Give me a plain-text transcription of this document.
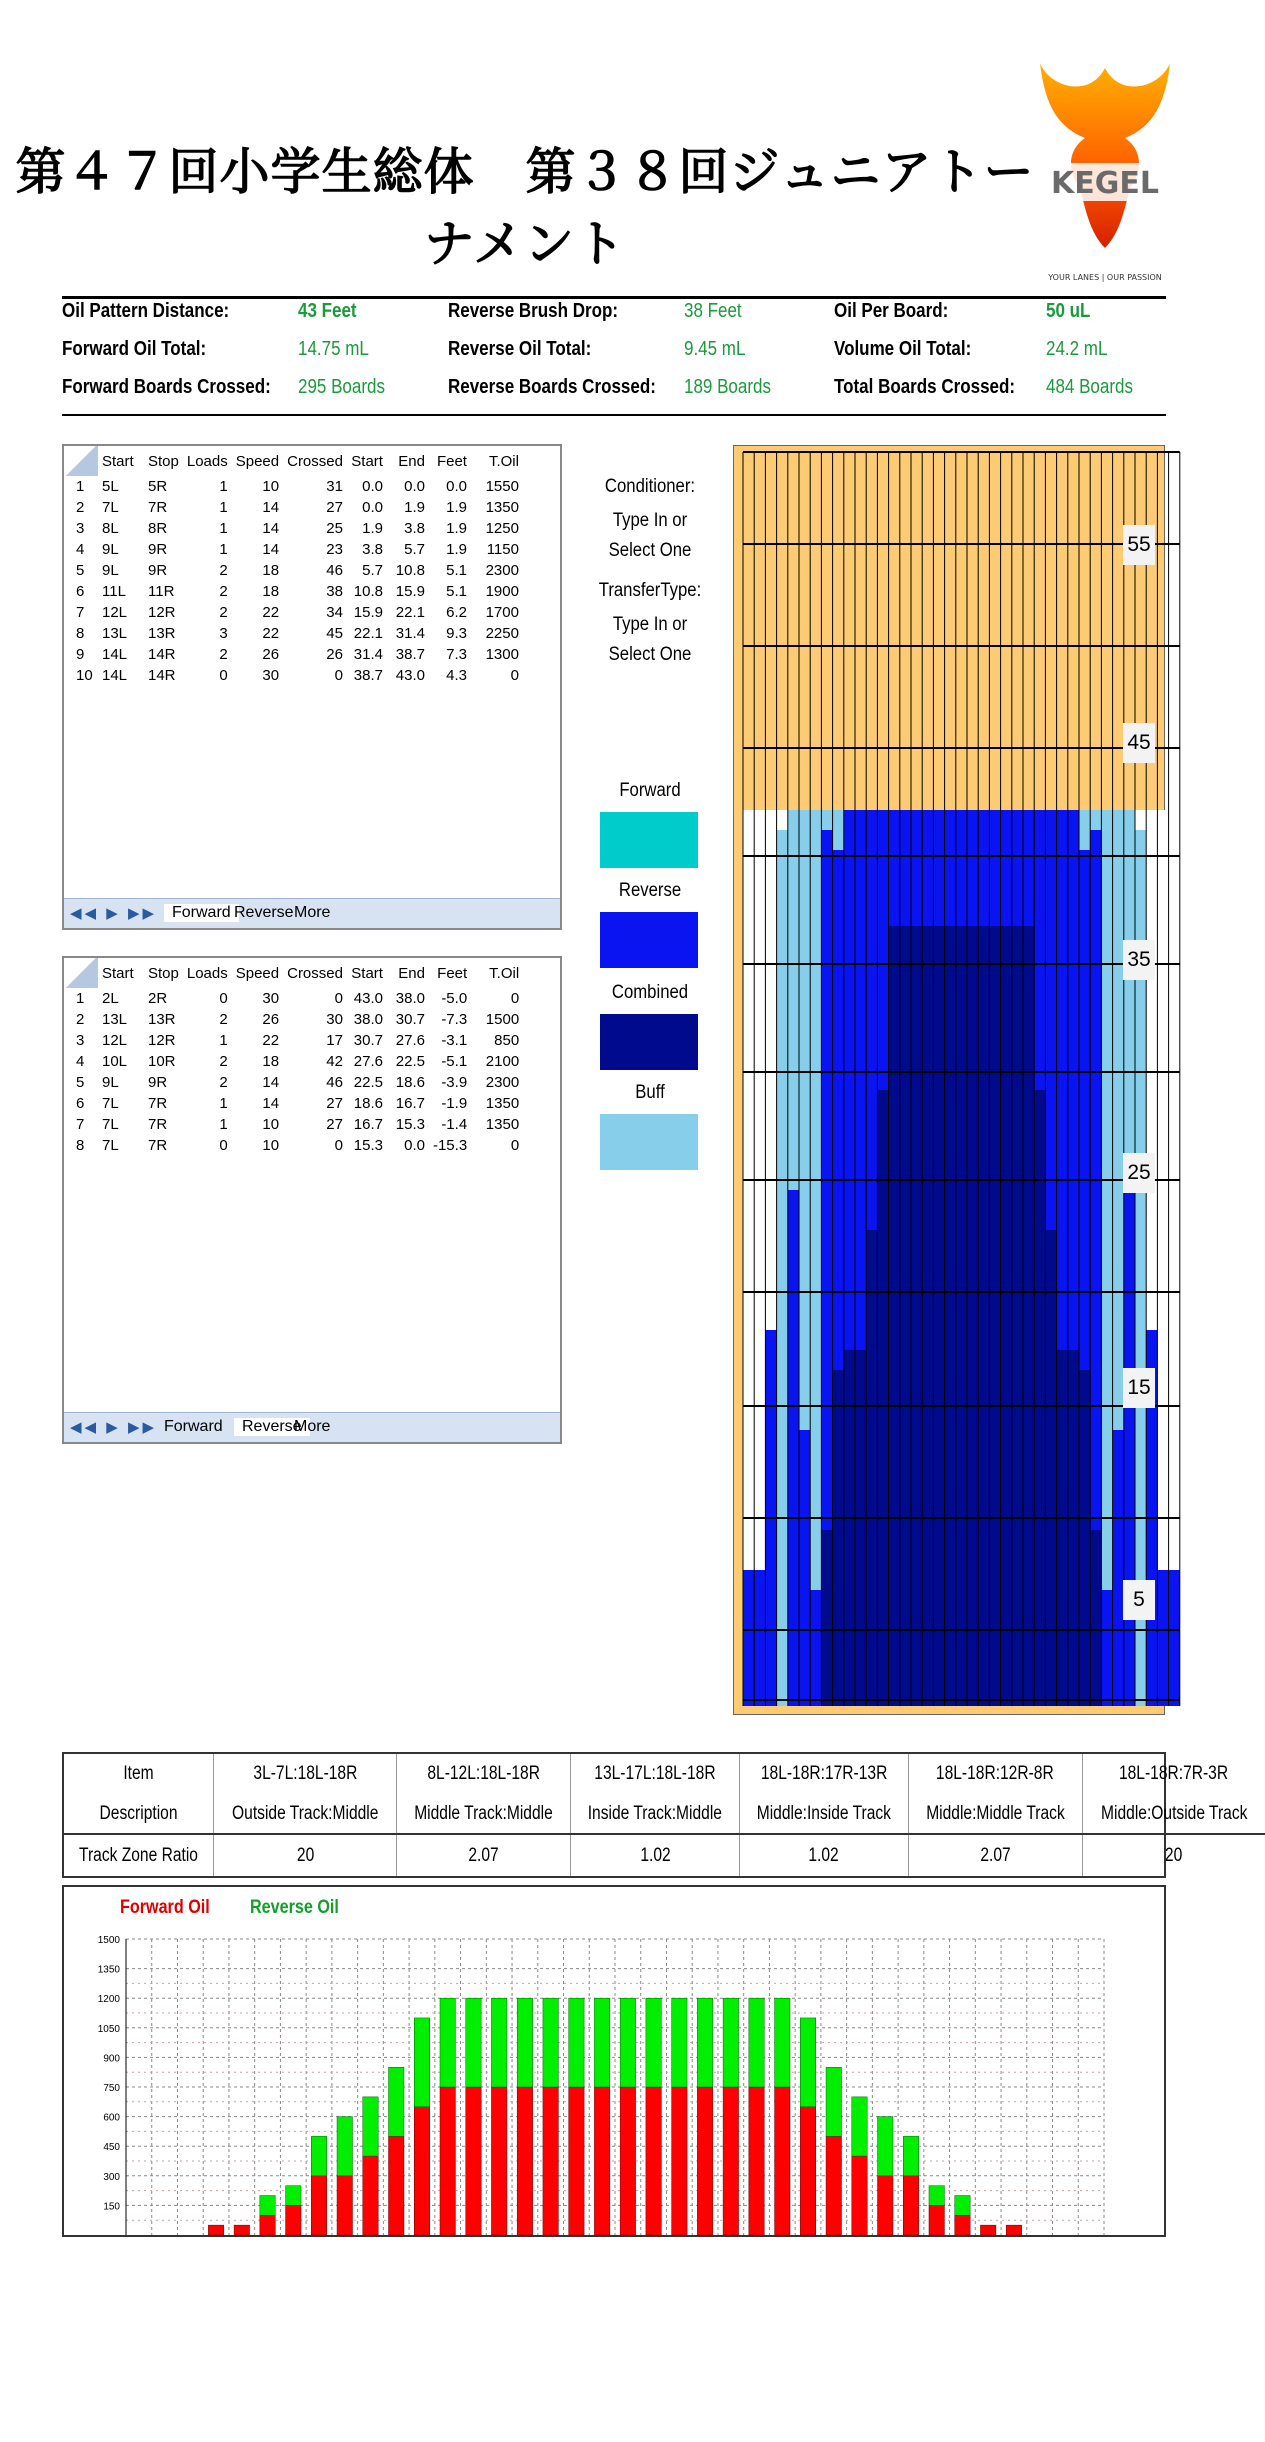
第４７回小学生総体　第３８回ジュニアトーナメント
KEGEL
YOUR LANES | OUR PASSION
Oil Pattern Distance:	43 Feet	Reverse Brush Drop:	38 Feet	Oil Per Board:	50 uL
Forward Oil Total:	14.75 mL	Reverse Oil Total:	9.45 mL	Volume Oil Total:	24.2 mL
Forward Boards Crossed: 295 Boards	Reverse Boards Crossed: 189 Boards	Total Boards Crossed: 484 Boards
	Start	Stop	Loads	Speed	Crossed	Start	End	Feet	T.Oil
1	5L	5R	1	10	31	0.0	0.0	0.0	1550
2	7L	7R	1	14	27	0.0	1.9	1.9	1350
3	8L	8R	1	14	25	1.9	3.8	1.9	1250
4	9L	9R	1	14	23	3.8	5.7	1.9	1150
5	9L	9R	2	18	46	5.7	10.8	5.1	2300
6	11L	11R	2	18	38	10.8	15.9	5.1	1900
7	12L	12R	2	22	34	15.9	22.1	6.2	1700
8	13L	13R	3	22	45	22.1	31.4	9.3	2250
9	14L	14R	2	26	26	31.4	38.7	7.3	1300
10	14L	14R	0	30	0	38.7	43.0	4.3	0
◀◀ ▶ ▶▶ Forward Reverse More
	Start	Stop	Loads	Speed	Crossed	Start	End	Feet	T.Oil
1	2L	2R	0	30	0	43.0	38.0	-5.0	0
2	13L	13R	2	26	30	38.0	30.7	-7.3	1500
3	12L	12R	1	22	17	30.7	27.6	-3.1	850
4	10L	10R	2	18	42	27.6	22.5	-5.1	2100
5	9L	9R	2	14	46	22.5	18.6	-3.9	2300
6	7L	7R	1	14	27	18.6	16.7	-1.9	1350
7	7L	7R	1	10	27	16.7	15.3	-1.4	1350
8	7L	7R	0	10	0	15.3	0.0	-15.3	0
◀◀ ▶ ▶▶ Forward	Reverse
More
Conditioner:
Type In or Select One
TransferType:
Type In or Select One
Forward
Reverse
Combined
Buff
55
45
35
25
15
5
Item	3L-7L:18L-18R	8L-12L:18L-18R	13L-17L:18L-18R	18L-18R:17R-13R	18L-18R:12R-8R	18L-18R:7R-3R
Description	Outside Track:Middle	Middle Track:Middle	Inside Track:Middle	Middle:Inside Track	Middle:Middle Track	Middle:Outside Track
Track Zone Ratio	20	2.07	1.02	1.02	2.07	20
Forward Oil Reverse Oil
1500
1350
1200
1050
900
750
600
450
300
150
